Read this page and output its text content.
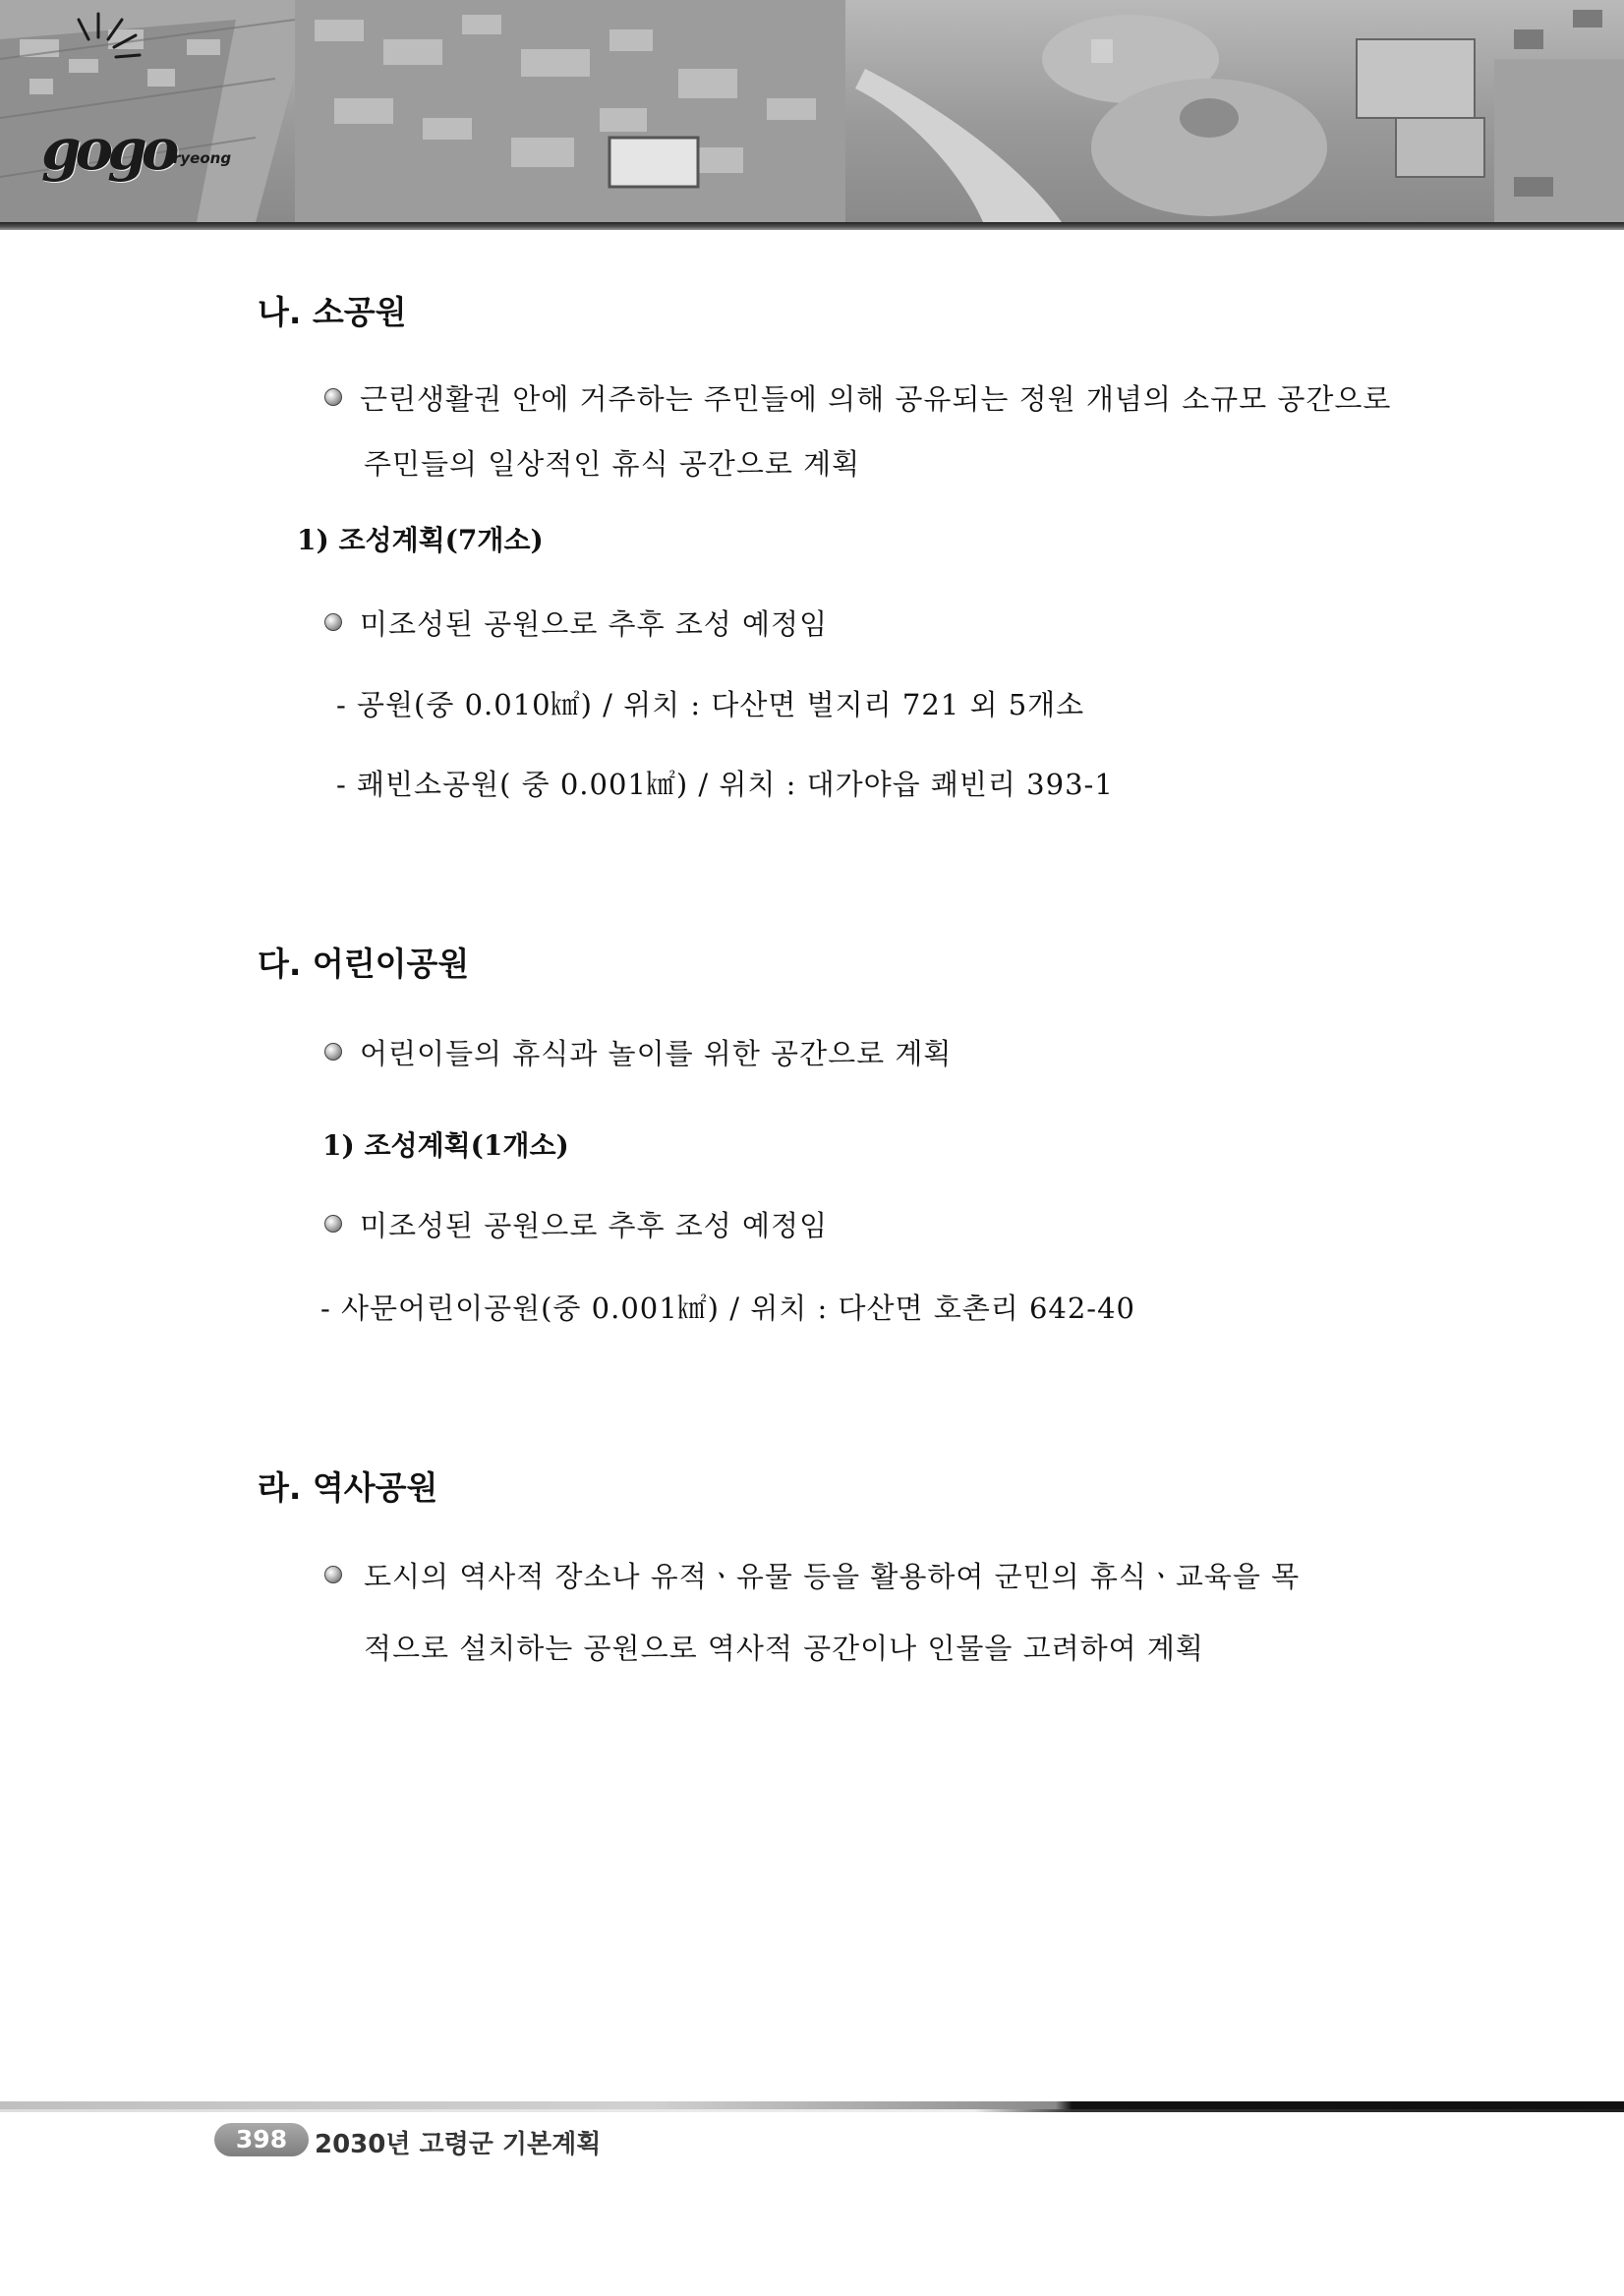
gogo ryeong
나. 소공원
근린생활권 안에 거주하는 주민들에 의해 공유되는 정원 개념의 소규모 공간으로
주민들의 일상적인 휴식 공간으로 계획
1) 조성계획(7개소)
미조성된 공원으로 추후 조성 예정임
- 공원(중 0.010㎢) / 위치 : 다산면 벌지리 721 외 5개소
- 쾌빈소공원( 중 0.001㎢) / 위치 : 대가야읍 쾌빈리 393-1
다. 어린이공원
어린이들의 휴식과 놀이를 위한 공간으로 계획
1) 조성계획(1개소)
미조성된 공원으로 추후 조성 예정임
- 사문어린이공원(중 0.001㎢) / 위치 : 다산면 호촌리 642-40
라. 역사공원
도시의 역사적 장소나 유적ㆍ유물 등을 활용하여 군민의 휴식ㆍ교육을 목
적으로 설치하는 공원으로 역사적 공간이나 인물을 고려하여 계획
398	2030년 고령군 기본계획
